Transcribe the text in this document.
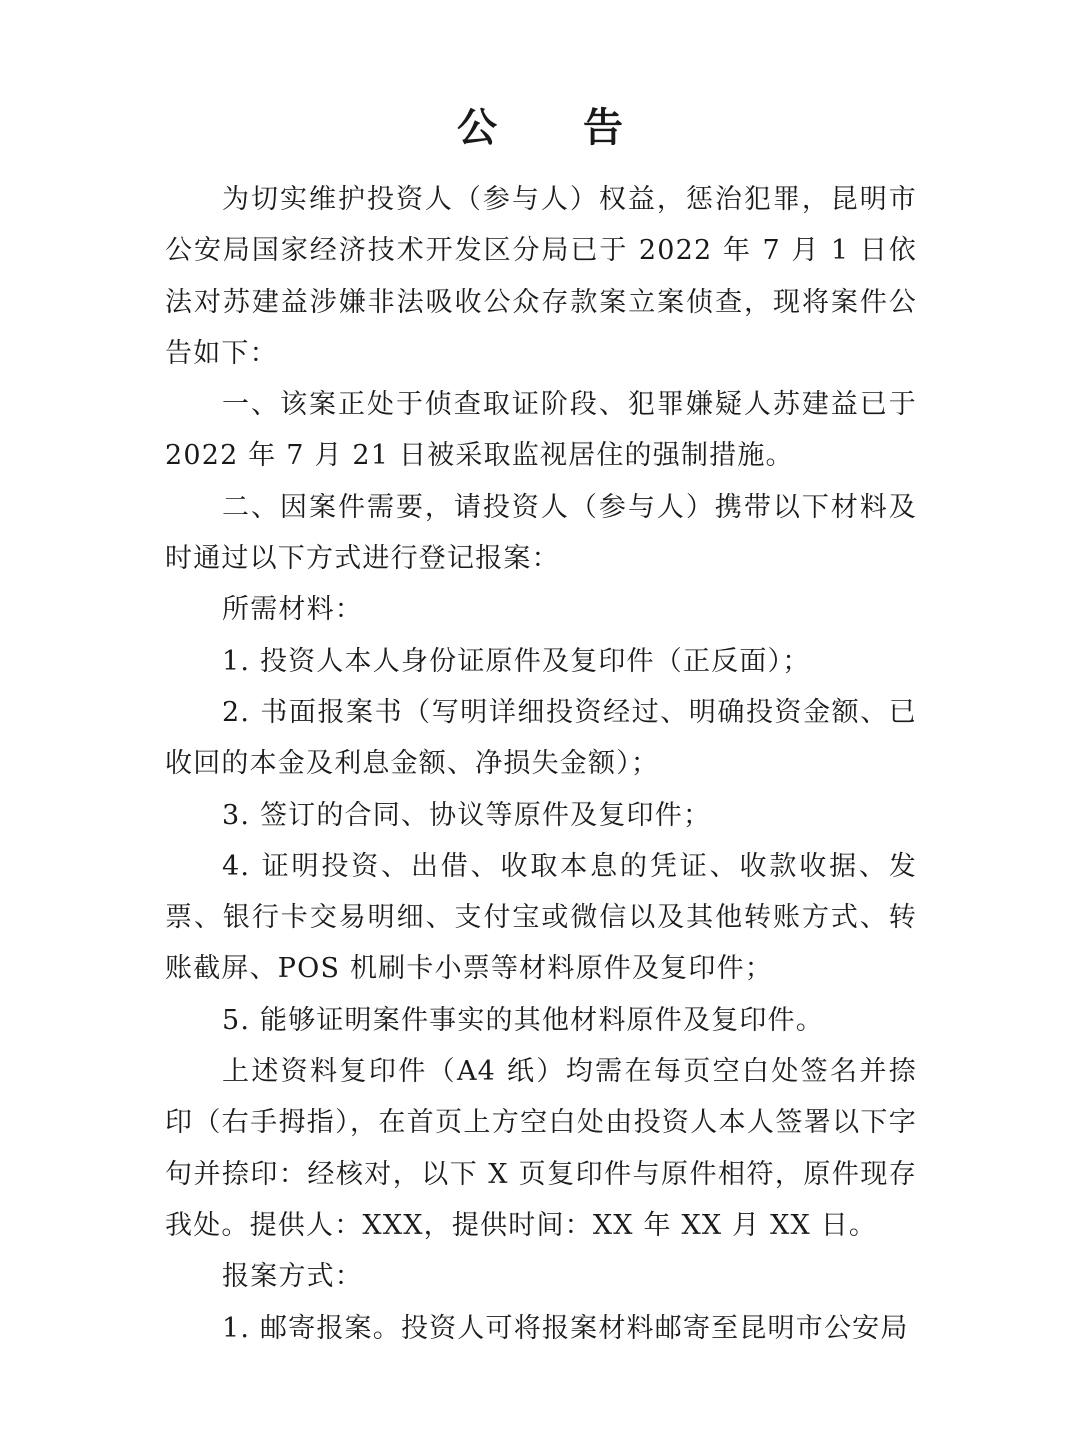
公 告

为切实维护投资人（参与人）权益，惩治犯罪，昆明市公安局国家经济技术开发区分局已于 2022 年 7 月 1 日依法对苏建益涉嫌非法吸收公众存款案立案侦查，现将案件公告如下：

一、该案正处于侦查取证阶段、犯罪嫌疑人苏建益已于 2022 年 7 月 21 日被采取监视居住的强制措施。

二、因案件需要，请投资人（参与人）携带以下材料及时通过以下方式进行登记报案：

所需材料：

1. 投资人本人身份证原件及复印件（正反面）；

2. 书面报案书（写明详细投资经过、明确投资金额、已收回的本金及利息金额、净损失金额）；

3. 签订的合同、协议等原件及复印件；

4. 证明投资、出借、收取本息的凭证、收款收据、发票、银行卡交易明细、支付宝或微信以及其他转账方式、转账截屏、POS 机刷卡小票等材料原件及复印件；

5. 能够证明案件事实的其他材料原件及复印件。

上述资料复印件（A4 纸）均需在每页空白处签名并捺印（右手拇指），在首页上方空白处由投资人本人签署以下字句并捺印：经核对，以下 X 页复印件与原件相符，原件现存我处。提供人：XXX，提供时间：XX 年 XX 月 XX 日。

报案方式：

1. 邮寄报案。投资人可将报案材料邮寄至昆明市公安局
